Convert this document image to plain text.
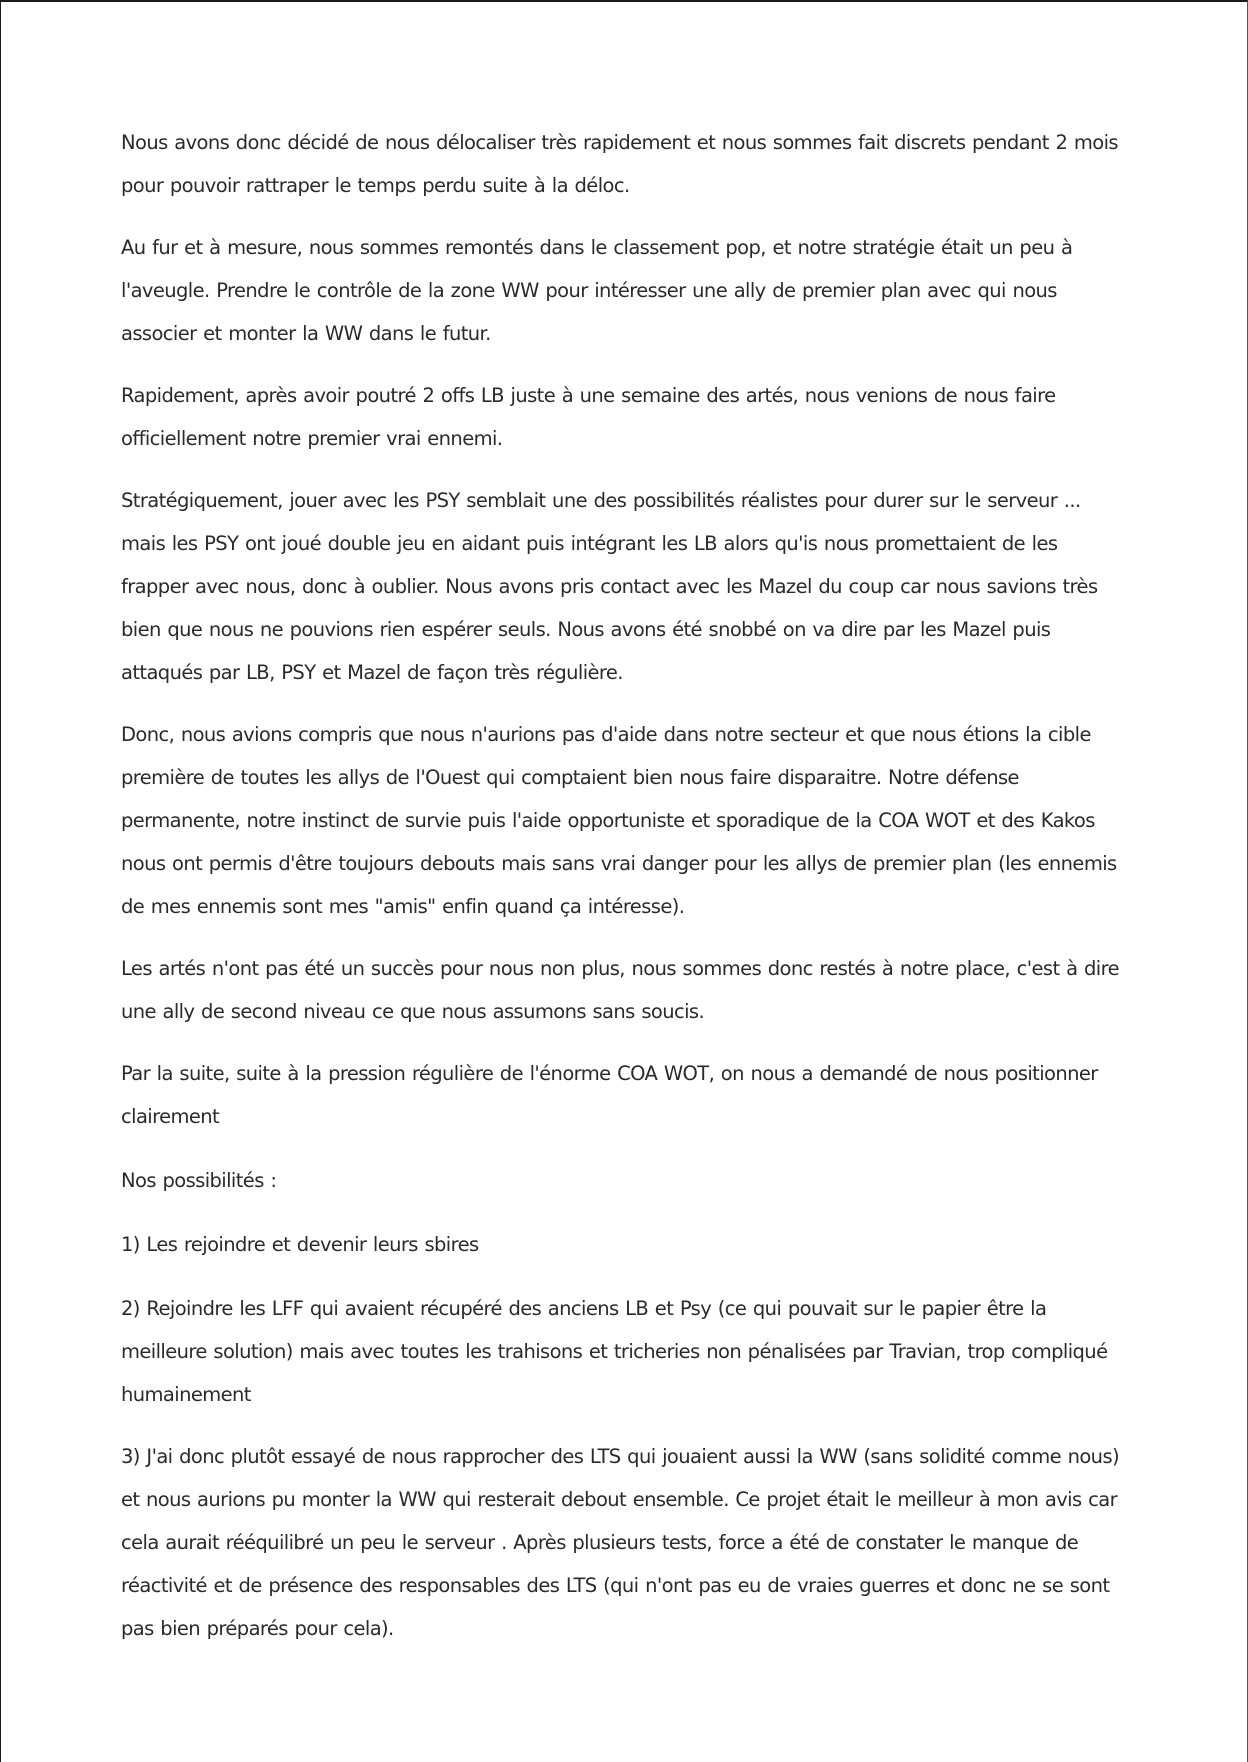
Nous avons donc décidé de nous délocaliser très rapidement et nous sommes fait discrets pendant 2 mois pour pouvoir rattraper le temps perdu suite à la déloc.

Au fur et à mesure, nous sommes remontés dans le classement pop, et notre stratégie était un peu à l'aveugle. Prendre le contrôle de la zone WW pour intéresser une ally de premier plan avec qui nous associer et monter la WW dans le futur.

Rapidement, après avoir poutré 2 offs LB juste à une semaine des artés, nous venions de nous faire officiellement notre premier vrai ennemi.

Stratégiquement, jouer avec les PSY semblait une des possibilités réalistes pour durer sur le serveur ... mais les PSY ont joué double jeu en aidant puis intégrant les LB alors qu'is nous promettaient de les frapper avec nous, donc à oublier. Nous avons pris contact avec les Mazel du coup car nous savions très bien que nous ne pouvions rien espérer seuls. Nous avons été snobbé on va dire par les Mazel puis attaqués par LB, PSY et Mazel de façon très régulière.

Donc, nous avions compris que nous n'aurions pas d'aide dans notre secteur et que nous étions la cible première de toutes les allys de l'Ouest qui comptaient bien nous faire disparaitre. Notre défense permanente, notre instinct de survie puis l'aide opportuniste et sporadique de la COA WOT et des Kakos nous ont permis d'être toujours debouts mais sans vrai danger pour les allys de premier plan (les ennemis de mes ennemis sont mes "amis" enfin quand ça intéresse).

Les artés n'ont pas été un succès pour nous non plus, nous sommes donc restés à notre place, c'est à dire une ally de second niveau ce que nous assumons sans soucis.

Par la suite, suite à la pression régulière de l'énorme COA WOT, on nous a demandé de nous positionner clairement

Nos possibilités :

1) Les rejoindre et devenir leurs sbires

2) Rejoindre les LFF qui avaient récupéré des anciens LB et Psy (ce qui pouvait sur le papier être la meilleure solution) mais avec toutes les trahisons et tricheries non pénalisées par Travian, trop compliqué humainement

3) J'ai donc plutôt essayé de nous rapprocher des LTS qui jouaient aussi la WW (sans solidité comme nous) et nous aurions pu monter la WW qui resterait debout ensemble. Ce projet était le meilleur à mon avis car cela aurait rééquilibré un peu le serveur . Après plusieurs tests, force a été de constater le manque de réactivité et de présence des responsables des LTS (qui n'ont pas eu de vraies guerres et donc ne se sont pas bien préparés pour cela).
